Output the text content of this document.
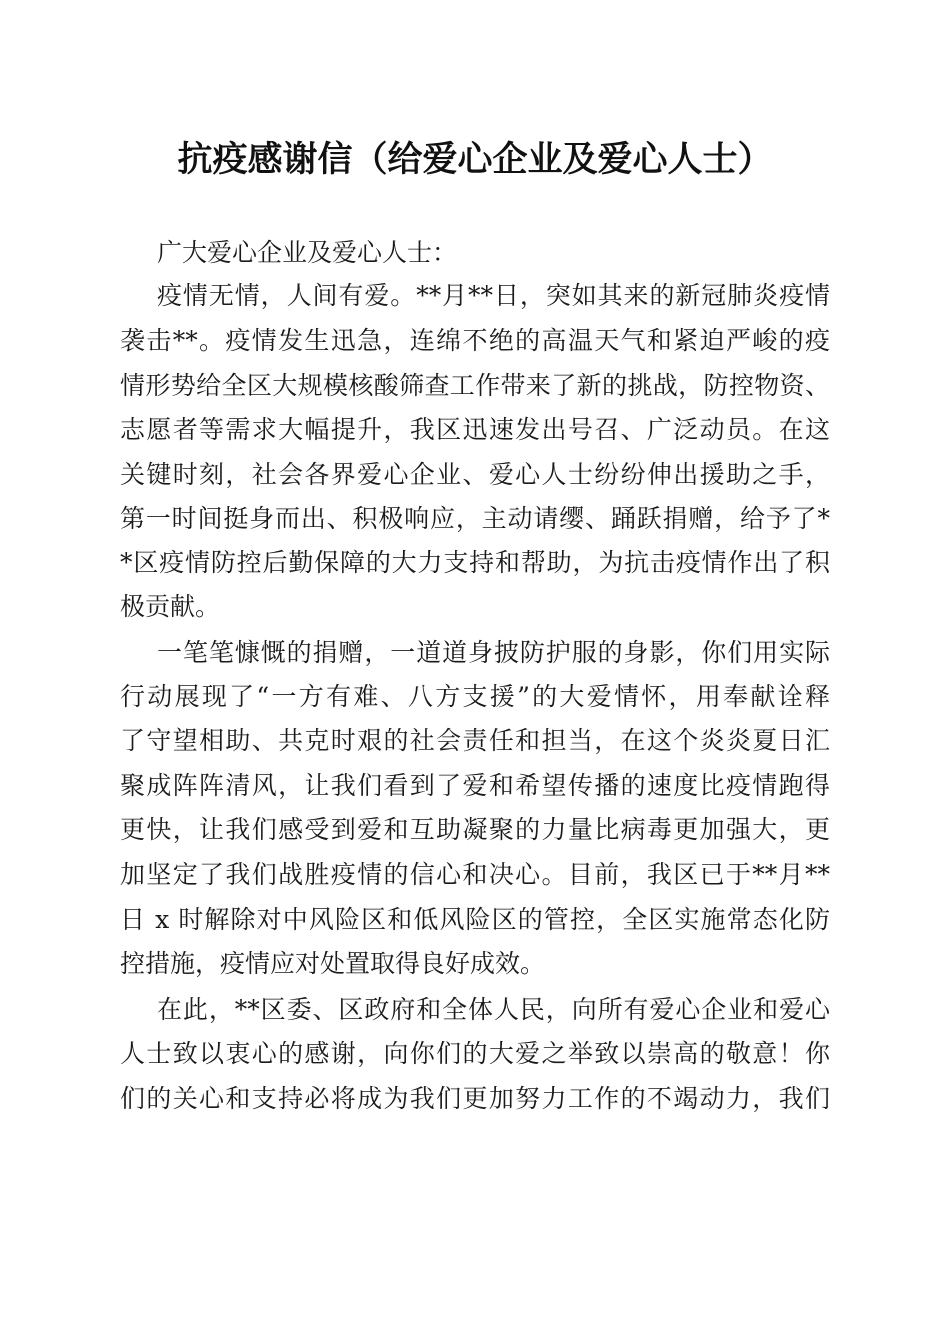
抗疫感谢信（给爱心企业及爱心人士）
广大爱心企业及爱心人士：
疫情无情，人间有爱。**月**日，突如其来的新冠肺炎疫情
袭击**。疫情发生迅急，连绵不绝的高温天气和紧迫严峻的疫
情形势给全区大规模核酸筛查工作带来了新的挑战，防控物资、
志愿者等需求大幅提升，我区迅速发出号召、广泛动员。在这
关键时刻，社会各界爱心企业、爱心人士纷纷伸出援助之手，
第一时间挺身而出、积极响应，主动请缨、踊跃捐赠，给予了*
*区疫情防控后勤保障的大力支持和帮助，为抗击疫情作出了积
极贡献。
一笔笔慷慨的捐赠，一道道身披防护服的身影，你们用实际
行动展现了“一方有难、八方支援”的大爱情怀，用奉献诠释
了守望相助、共克时艰的社会责任和担当，在这个炎炎夏日汇
聚成阵阵清风，让我们看到了爱和希望传播的速度比疫情跑得
更快，让我们感受到爱和互助凝聚的力量比病毒更加强大，更
加坚定了我们战胜疫情的信心和决心。目前，我区已于**月**
日 x 时解除对中风险区和低风险区的管控，全区实施常态化防
控措施，疫情应对处置取得良好成效。
在此，**区委、区政府和全体人民，向所有爱心企业和爱心
人士致以衷心的感谢，向你们的大爱之举致以崇高的敬意！你
们的关心和支持必将成为我们更加努力工作的不竭动力，我们
